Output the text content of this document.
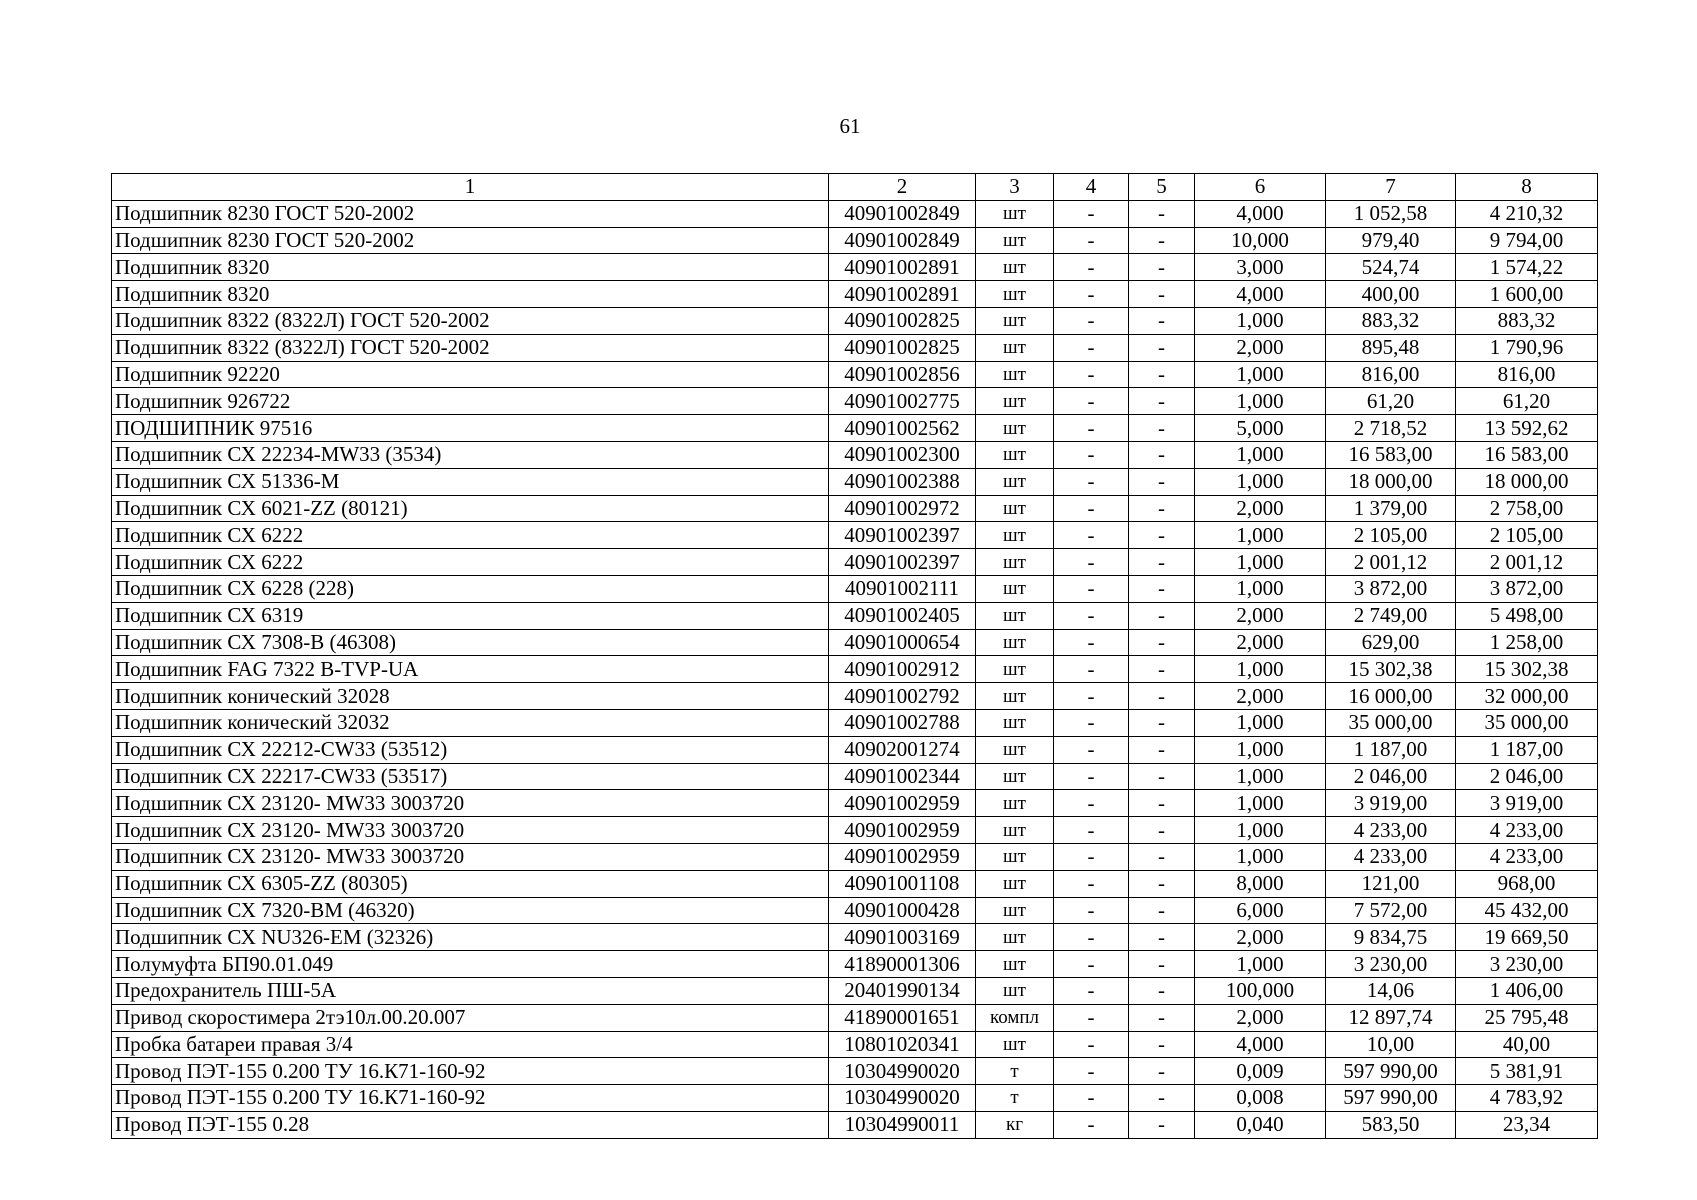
61
1	2	3	4	5	6	7	8
Подшипник 8230 ГОСТ 520-2002	40901002849	шт	-	-	4,000	1 052,58	4 210,32
Подшипник 8230 ГОСТ 520-2002	40901002849	шт	-	-	10,000	979,40	9 794,00
Подшипник 8320	40901002891	шт	-	-	3,000	524,74	1 574,22
Подшипник 8320	40901002891	шт	-	-	4,000	400,00	1 600,00
Подшипник 8322 (8322Л) ГОСТ 520-2002	40901002825	шт	-	-	1,000	883,32	883,32
Подшипник 8322 (8322Л) ГОСТ 520-2002	40901002825	шт	-	-	2,000	895,48	1 790,96
Подшипник 92220	40901002856	шт	-	-	1,000	816,00	816,00
Подшипник 926722	40901002775	шт	-	-	1,000	61,20	61,20
ПОДШИПНИК 97516	40901002562	шт	-	-	5,000	2 718,52	13 592,62
Подшипник СХ 22234-MW33 (3534)	40901002300	шт	-	-	1,000	16 583,00	16 583,00
Подшипник СХ 51336-М	40901002388	шт	-	-	1,000	18 000,00	18 000,00
Подшипник СХ 6021-ZZ (80121)	40901002972	шт	-	-	2,000	1 379,00	2 758,00
Подшипник СХ 6222	40901002397	шт	-	-	1,000	2 105,00	2 105,00
Подшипник СХ 6222	40901002397	шт	-	-	1,000	2 001,12	2 001,12
Подшипник СХ 6228 (228)	40901002111	шт	-	-	1,000	3 872,00	3 872,00
Подшипник СХ 6319	40901002405	шт	-	-	2,000	2 749,00	5 498,00
Подшипник СХ 7308-В (46308)	40901000654	шт	-	-	2,000	629,00	1 258,00
Подшипник FAG 7322 B-TVP-UA	40901002912	шт	-	-	1,000	15 302,38	15 302,38
Подшипник конический 32028	40901002792	шт	-	-	2,000	16 000,00	32 000,00
Подшипник конический 32032	40901002788	шт	-	-	1,000	35 000,00	35 000,00
Подшипник СХ 22212-CW33 (53512)	40902001274	шт	-	-	1,000	1 187,00	1 187,00
Подшипник СХ 22217-CW33 (53517)	40901002344	шт	-	-	1,000	2 046,00	2 046,00
Подшипник СХ 23120- MW33 3003720	40901002959	шт	-	-	1,000	3 919,00	3 919,00
Подшипник СХ 23120- MW33 3003720	40901002959	шт	-	-	1,000	4 233,00	4 233,00
Подшипник СХ 23120- MW33 3003720	40901002959	шт	-	-	1,000	4 233,00	4 233,00
Подшипник СХ 6305-ZZ (80305)	40901001108	шт	-	-	8,000	121,00	968,00
Подшипник СХ 7320-ВМ (46320)	40901000428	шт	-	-	6,000	7 572,00	45 432,00
Подшипник СХ NU326-EM (32326)	40901003169	шт	-	-	2,000	9 834,75	19 669,50
Полумуфта БП90.01.049	41890001306	шт	-	-	1,000	3 230,00	3 230,00
Предохранитель ПШ-5А	20401990134	шт	-	-	100,000	14,06	1 406,00
Привод скоростимера 2тэ10л.00.20.007	41890001651	компл	-	-	2,000	12 897,74	25 795,48
Пробка батареи правая 3/4	10801020341	шт	-	-	4,000	10,00	40,00
Провод ПЭТ-155 0.200 ТУ 16.К71-160-92	10304990020	т	-	-	0,009	597 990,00	5 381,91
Провод ПЭТ-155 0.200 ТУ 16.К71-160-92	10304990020	т	-	-	0,008	597 990,00	4 783,92
Провод ПЭТ-155 0.28	10304990011	кг	-	-	0,040	583,50	23,34
